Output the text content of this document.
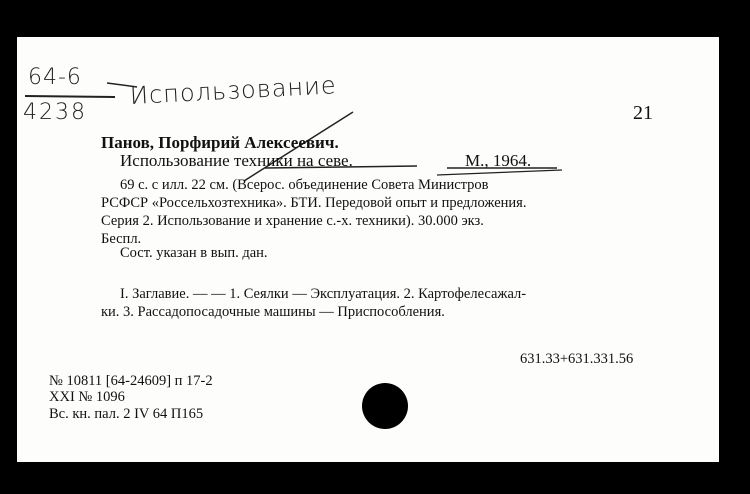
64-6
4238
Использование
21
Панов, Порфирий Алексеевич.
Использование техники на севе.	М., 1964.
69 с. с илл. 22 см. (Всерос. объединение Совета Министров
РСФСР «Россельхозтехника». БТИ. Передовой опыт и предложения.
Серия 2. Использование и хранение с.-х. техники). 30.000 экз.
Беспл.
Сост. указан в вып. дан.
I. Заглавие. — — 1. Сеялки — Эксплуатация. 2. Картофелесажал-
ки. 3. Рассадопосадочные машины — Приспособления.
631.33+631.331.56
№ 10811 [64-24609] п 17-2
XXI № 1096
Вс. кн. пал. 2 IV 64 П165
